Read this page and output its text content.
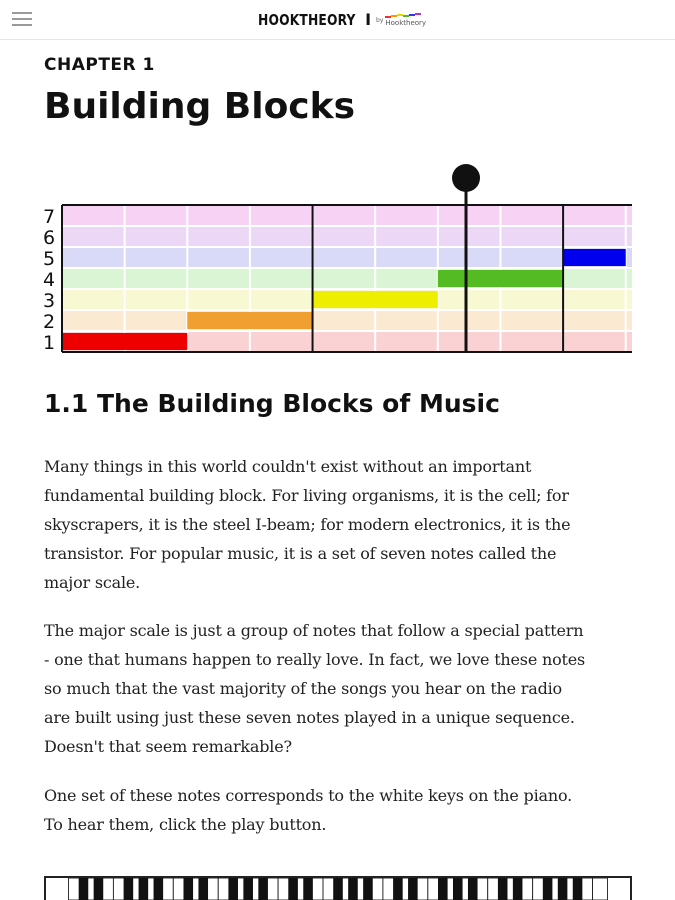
HOOKTHEORY I by Hooktheory
CHAPTER 1
Building Blocks
7
6
5
4
3
2
1
1.1 The Building Blocks of Music
Many things in this world couldn't exist without an important
fundamental building block. For living organisms, it is the cell; for
skyscrapers, it is the steel I-beam; for modern electronics, it is the
transistor. For popular music, it is a set of seven notes called the
major scale.
The major scale is just a group of notes that follow a special pattern
- one that humans happen to really love. In fact, we love these notes
so much that the vast majority of the songs you hear on the radio
are built using just these seven notes played in a unique sequence.
Doesn't that seem remarkable?
One set of these notes corresponds to the white keys on the piano.
To hear them, click the play button.
